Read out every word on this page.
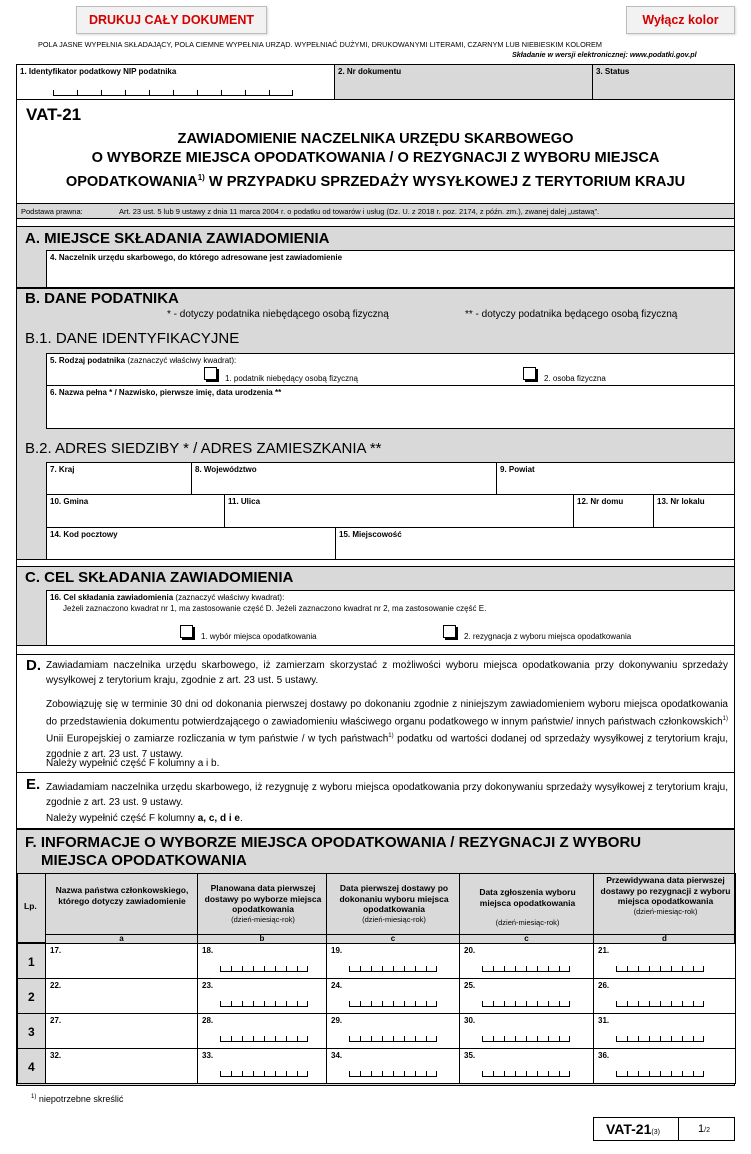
DRUKUJ CAŁY DOKUMENT	Wyłącz kolor
POLA JASNE WYPEŁNIA SKŁADAJĄCY, POLA CIEMNE WYPEŁNIA URZĄD. WYPEŁNIAĆ DUŻYMI, DRUKOWANYMI LITERAMI, CZARNYM LUB NIEBIESKIM KOLOREM
Składanie w wersji elektronicznej: www.podatki.gov.pl
1. Identyfikator podatkowy NIP podatnika	2. Nr dokumentu	3. Status
VAT-21
ZAWIADOMIENIE NACZELNIKA URZĘDU SKARBOWEGO
O WYBORZE MIEJSCA OPODATKOWANIA / O REZYGNACJI Z WYBORU MIEJSCA
OPODATKOWANIA$^{1)}$ W PRZYPADKU SPRZEDAŻY WYSYŁKOWEJ Z TERYTORIUM KRAJU
Podstawa prawna:	Art. 23 ust. 5 lub 9 ustawy z dnia 11 marca 2004 r. o podatku od towarów i usług (Dz. U. z 2018 r. poz. 2174, z późn. zm.), zwanej dalej „ustawą”.
A. MIEJSCE SKŁADANIA ZAWIADOMIENIA
4. Naczelnik urzędu skarbowego, do którego adresowane jest zawiadomienie
B. DANE PODATNIKA
* - dotyczy podatnika niebędącego osobą fizyczną	** - dotyczy podatnika będącego osobą fizyczną
B.1. DANE IDENTYFIKACYJNE
5. Rodzaj podatnika (zaznaczyć właściwy kwadrat):
1. podatnik niebędący osobą fizyczną	2. osoba fizyczna
6. Nazwa pełna * / Nazwisko, pierwsze imię, data urodzenia **
B.2. ADRES SIEDZIBY * / ADRES ZAMIESZKANIA **
7. Kraj	8. Województwo	9. Powiat
10. Gmina	11. Ulica	12. Nr domu	13. Nr lokalu
14. Kod pocztowy	15. Miejscowość
C. CEL SKŁADANIA ZAWIADOMIENIA
16. Cel składania zawiadomienia (zaznaczyć właściwy kwadrat):
Jeżeli zaznaczono kwadrat nr 1, ma zastosowanie część D. Jeżeli zaznaczono kwadrat nr 2, ma zastosowanie część E.
1. wybór miejsca opodatkowania	2. rezygnacja z wyboru miejsca opodatkowania
D. Zawiadamiam naczelnika urzędu skarbowego, iż zamierzam skorzystać z możliwości wyboru miejsca opodatkowania przy dokonywaniu sprzedaży wysyłkowej z terytorium kraju, zgodnie z art. 23 ust. 5 ustawy.
Zobowiązuję się w terminie 30 dni od dokonania pierwszej dostawy po dokonaniu zgodnie z niniejszym zawiadomieniem wyboru miejsca opodatkowania do przedstawienia dokumentu potwierdzającego o zawiadomieniu właściwego organu podatkowego w innym państwie/ innych państwach członkowskich$^{1)}$ Unii Europejskiej o zamiarze rozliczania w tym państwie / w tych państwach$^{1)}$ podatku od wartości dodanej od sprzedaży wysyłkowej z terytorium kraju, zgodnie z art. 23 ust. 7 ustawy.
Należy wypełnić część F kolumny a i b.
E. Zawiadamiam naczelnika urzędu skarbowego, iż rezygnuję z wyboru miejsca opodatkowania przy dokonywaniu sprzedaży wysyłkowej z terytorium kraju, zgodnie z art. 23 ust. 9 ustawy.
Należy wypełnić część F kolumny a, c, d i e.
F. INFORMACJE O WYBORZE MIEJSCA OPODATKOWANIA / REZYGNACJI Z WYBORU
MIEJSCA OPODATKOWANIA
Lp.
Nazwa państwa członkowskiego, którego dotyczy zawiadomienie
Planowana data pierwszej dostawy po wyborze miejsca opodatkowania
(dzień-miesiąc-rok)
Data pierwszej dostawy po dokonaniu wyboru miejsca opodatkowania
(dzień-miesiąc-rok)
Data zgłoszenia wyboru miejsca opodatkowania
(dzień-miesiąc-rok)
Przewidywana data pierwszej dostawy po rezygnacji z wyboru miejsca opodatkowania
(dzień-miesiąc-rok)
a	b	c	c	d
1
17.	18.	19.	20.	21.
2
22.	23.	24.	25.	26.
3
27.	28.	29.	30.	31.
4
32.	33.	34.	35.	36.
$^{1)}$ niepotrzebne skreślić
VAT-21(3)	1/2
